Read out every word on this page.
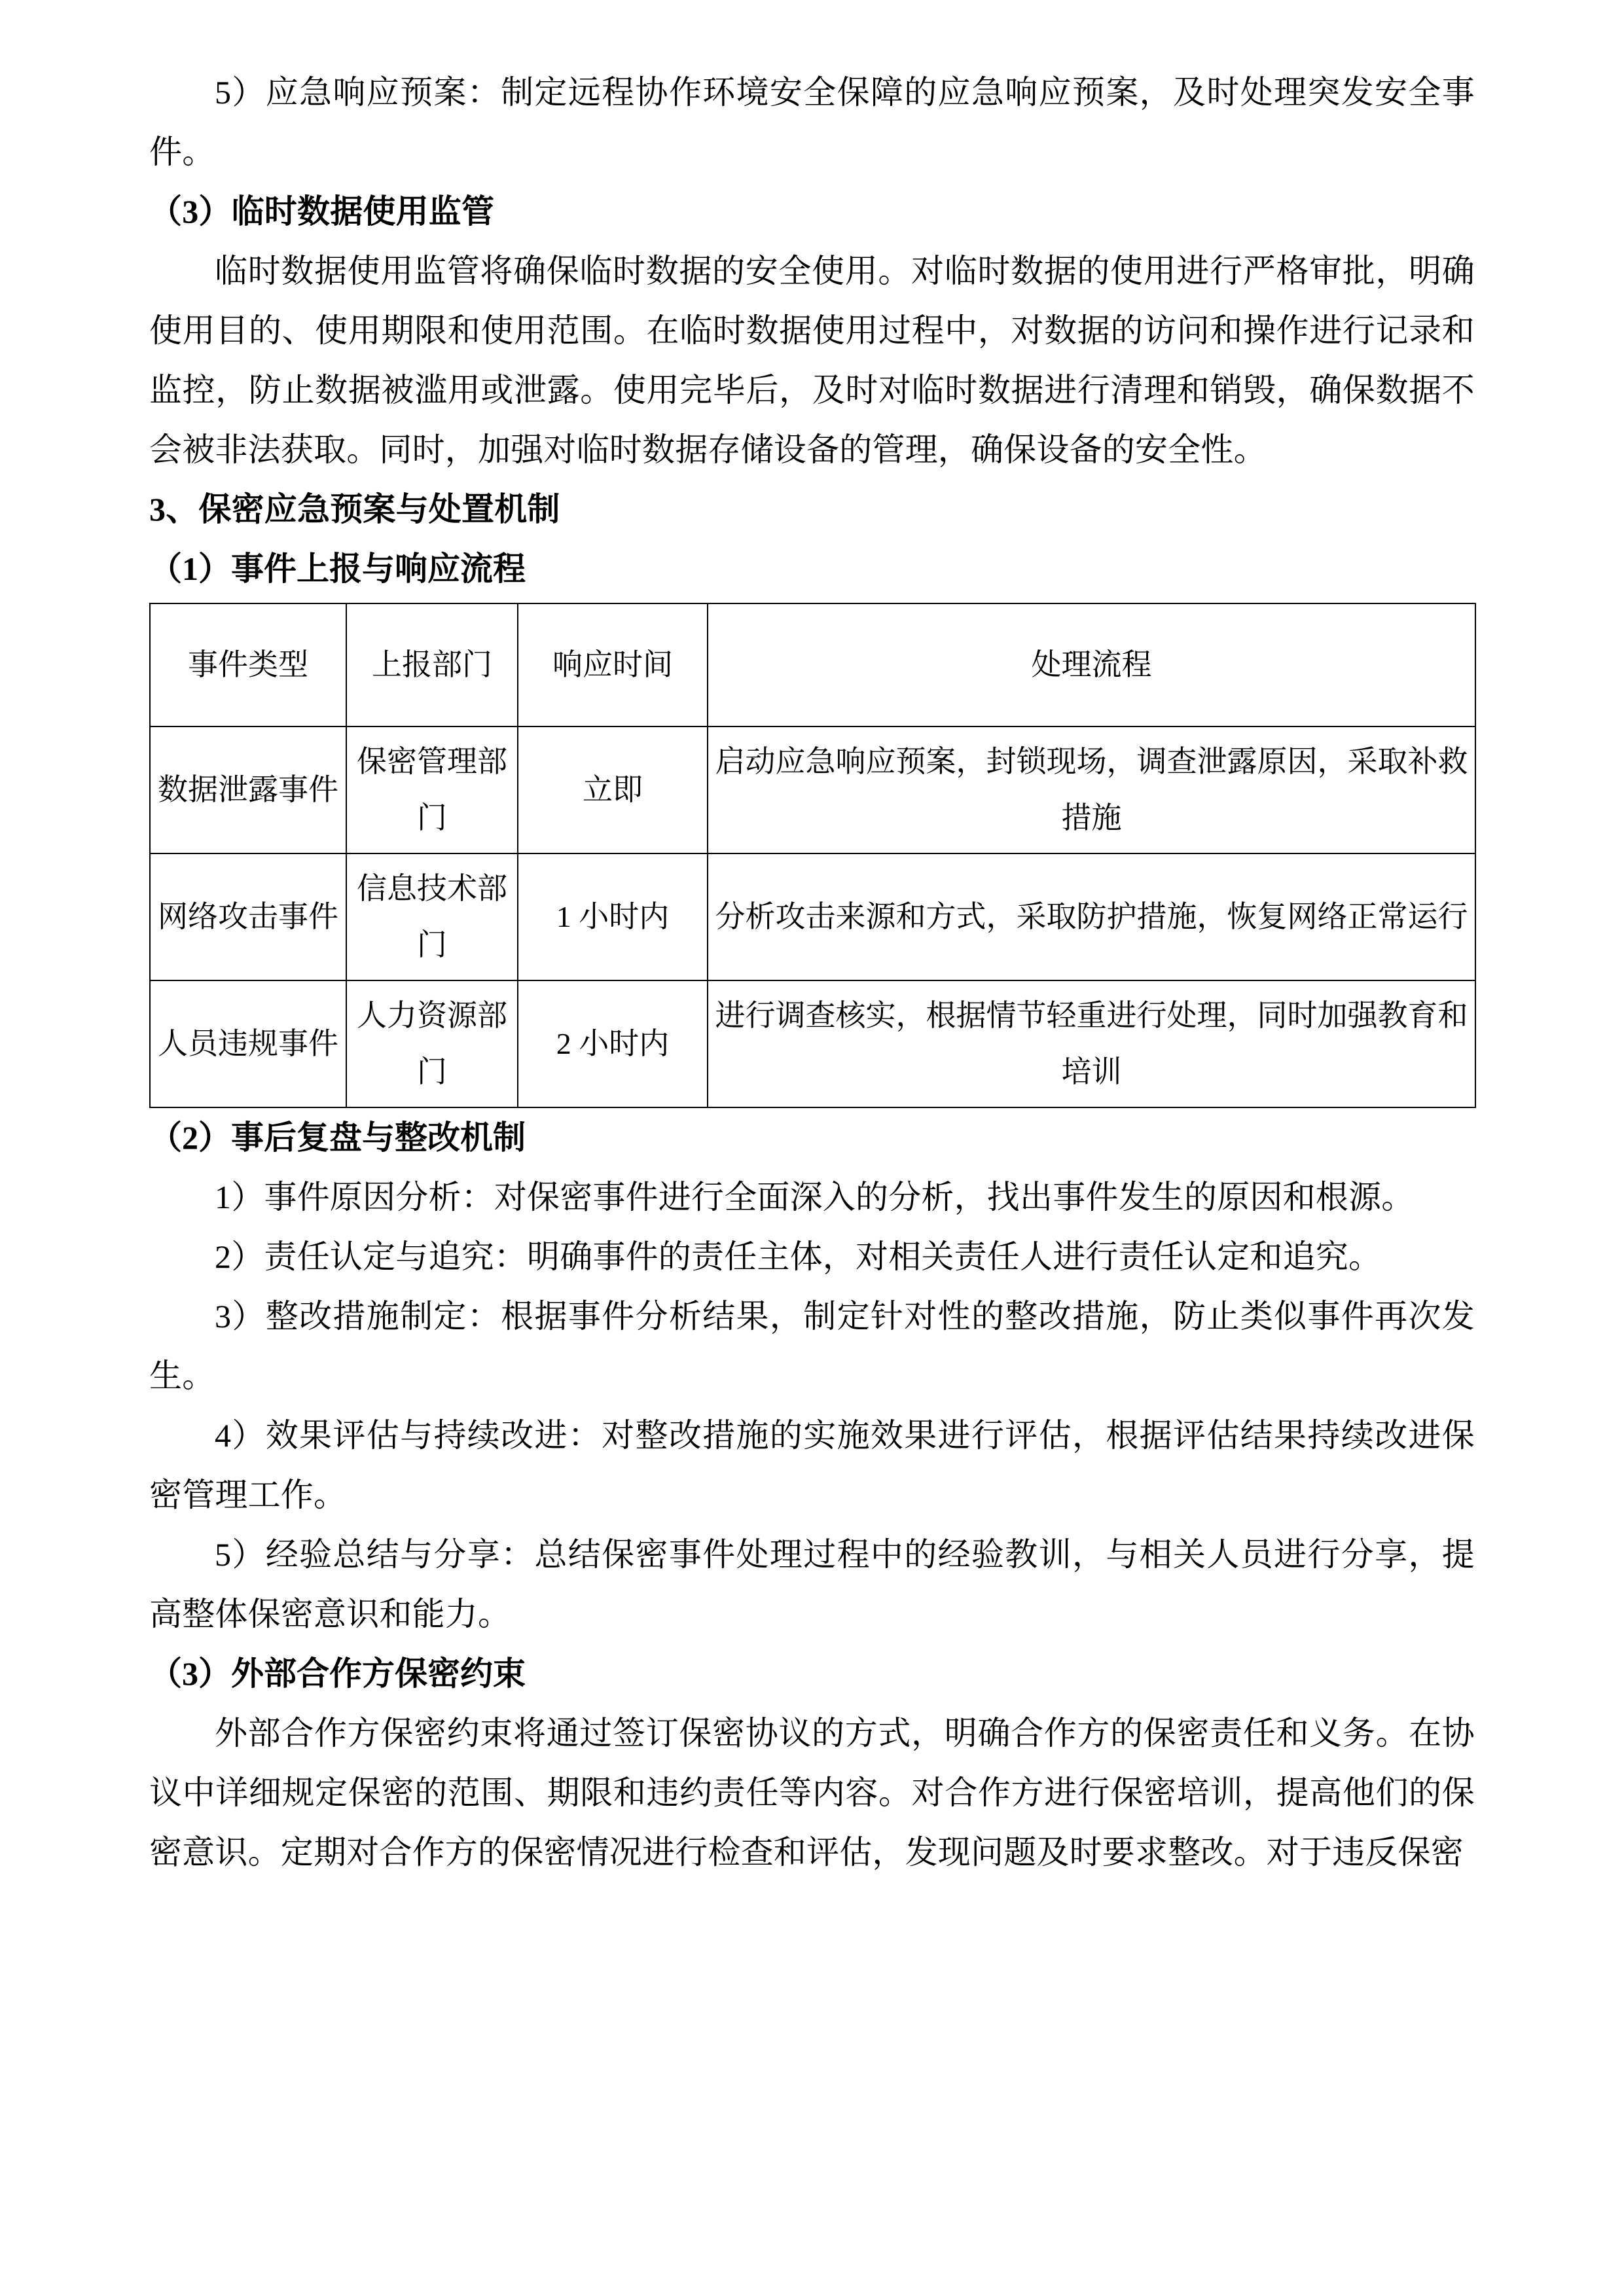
5）应急响应预案：制定远程协作环境安全保障的应急响应预案，及时处理突发安全事件。

（3）临时数据使用监管

临时数据使用监管将确保临时数据的安全使用。对临时数据的使用进行严格审批，明确使用目的、使用期限和使用范围。在临时数据使用过程中，对数据的访问和操作进行记录和监控，防止数据被滥用或泄露。使用完毕后，及时对临时数据进行清理和销毁，确保数据不会被非法获取。同时，加强对临时数据存储设备的管理，确保设备的安全性。

3、保密应急预案与处置机制

（1）事件上报与响应流程

事件类型	上报部门	响应时间	处理流程
数据泄露事件	保密管理部门	立即	启动应急响应预案，封锁现场，调查泄露原因，采取补救措施
网络攻击事件	信息技术部门	1 小时内	分析攻击来源和方式，采取防护措施，恢复网络正常运行
人员违规事件	人力资源部门	2 小时内	进行调查核实，根据情节轻重进行处理，同时加强教育和培训

（2）事后复盘与整改机制

1）事件原因分析：对保密事件进行全面深入的分析，找出事件发生的原因和根源。

2）责任认定与追究：明确事件的责任主体，对相关责任人进行责任认定和追究。

3）整改措施制定：根据事件分析结果，制定针对性的整改措施，防止类似事件再次发生。

4）效果评估与持续改进：对整改措施的实施效果进行评估，根据评估结果持续改进保密管理工作。

5）经验总结与分享：总结保密事件处理过程中的经验教训，与相关人员进行分享，提高整体保密意识和能力。

（3）外部合作方保密约束

外部合作方保密约束将通过签订保密协议的方式，明确合作方的保密责任和义务。在协议中详细规定保密的范围、期限和违约责任等内容。对合作方进行保密培训，提高他们的保密意识。定期对合作方的保密情况进行检查和评估，发现问题及时要求整改。对于违反保密
